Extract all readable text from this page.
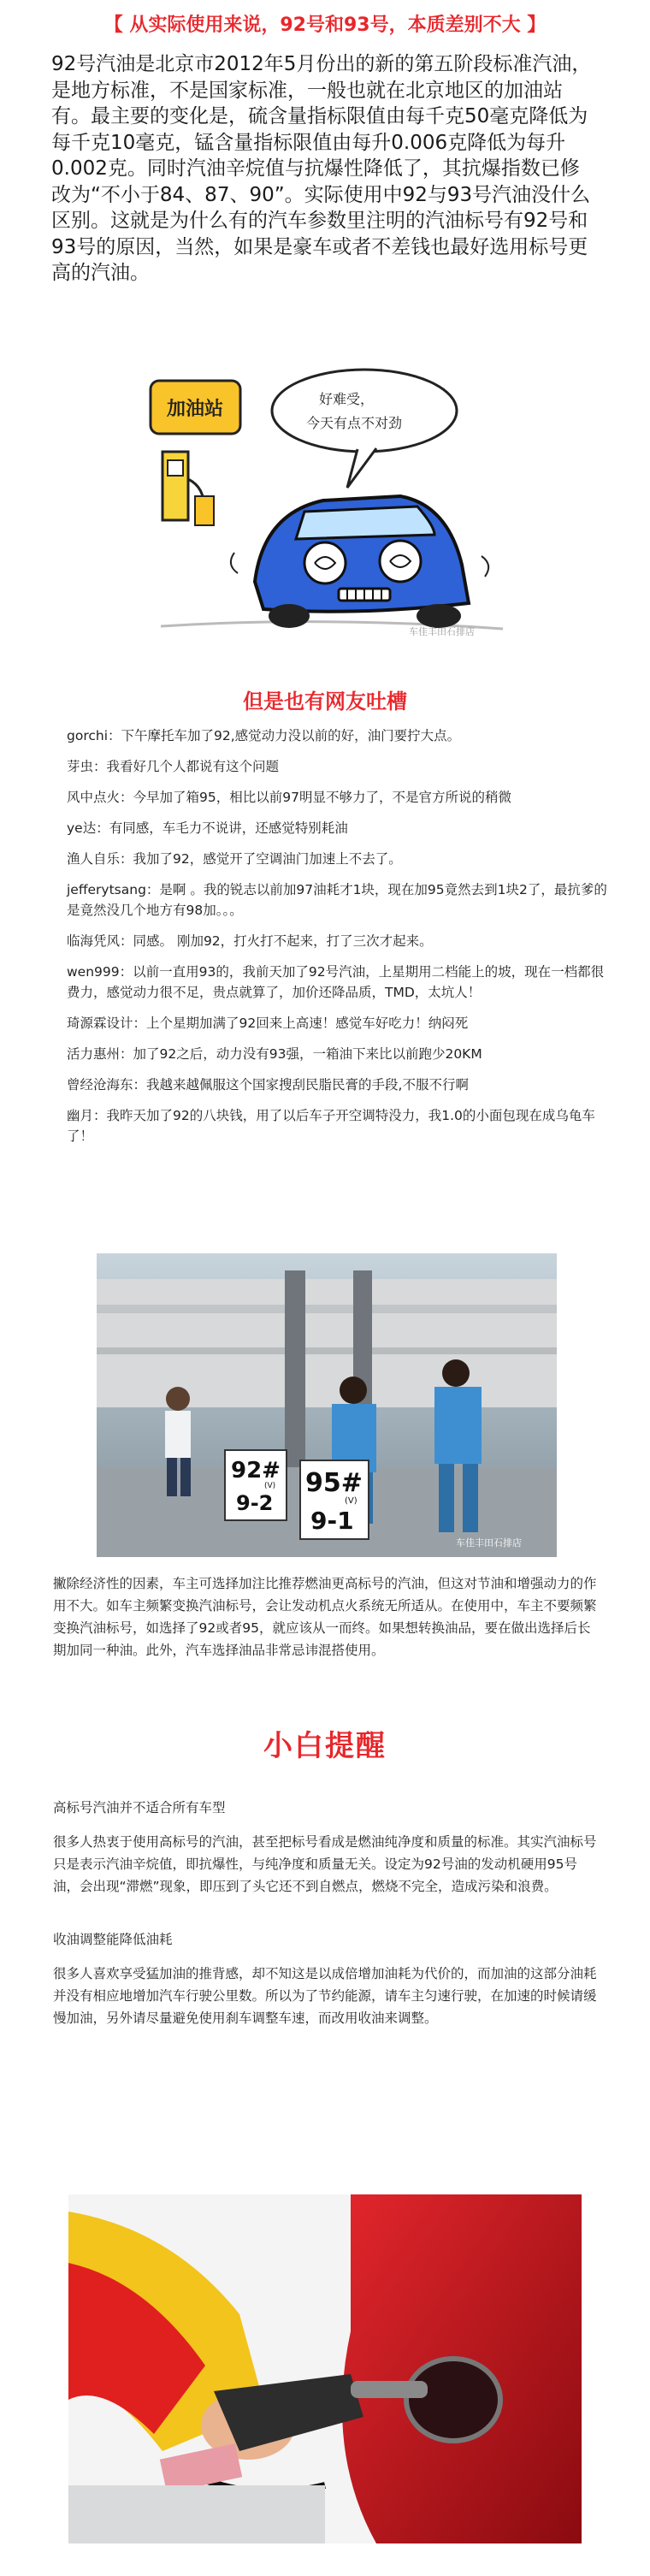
【 从实际使用来说，92号和93号，本质差别不大 】

92号汽油是北京市2012年5月份出的新的第五阶段标准汽油，是地方标准，不是国家标准，一般也就在北京地区的加油站有。最主要的变化是，硫含量指标限值由每千克50毫克降低为每千克10毫克，锰含量指标限值由每升0.006克降低为每升0.002克。同时汽油辛烷值与抗爆性降低了，其抗爆指数已修改为“不小于84、87、90”。实际使用中92与93号汽油没什么区别。这就是为什么有的汽车参数里注明的汽油标号有92号和93号的原因，当然，如果是豪车或者不差钱也最好选用标号更高的汽油。

加油站	好难受，
今天有点不对劲
车佳丰田石排店
但是也有网友吐槽
gorchi：下午摩托车加了92,感觉动力没以前的好，油门要拧大点。
芽虫：我看好几个人都说有这个问题
风中点火：今早加了箱95，相比以前97明显不够力了，不是官方所说的稍微
ye达：有同感，车毛力不说讲，还感觉特别耗油
渔人自乐：我加了92，感觉开了空调油门加速上不去了。
jefferytsang：是啊 。我的锐志以前加97油耗才1块，现在加95竟然去到1块2了，最抗爹的是竟然没几个地方有98加。。。
临海凭风：同感。 刚加92，打火打不起来，打了三次才起来。
wen999：以前一直用93的，我前天加了92号汽油，上星期用二档能上的坡，现在一档都很费力，感觉动力很不足，贵点就算了，加价还降品质，TMD，太坑人！
琦源霖设计：上个星期加满了92回来上高速！感觉车好吃力！纳闷死
活力惠州：加了92之后，动力没有93强，一箱油下来比以前跑少20KM
曾经沧海东：我越来越佩服这个国家搜刮民脂民膏的手段,不服不行啊
幽月：我昨天加了92的八块钱，用了以后车子开空调特没力，我1.0的小面包现在成乌龟车了！
92#
(V)
9-2
95#
(V)
9-1
车佳丰田石排店

撇除经济性的因素，车主可选择加注比推荐燃油更高标号的汽油，但这对节油和增强动力的作用不大。如车主频繁变换汽油标号，会让发动机点火系统无所适从。在使用中，车主不要频繁变换汽油标号，如选择了92或者95，就应该从一而终。如果想转换油品，要在做出选择后长期加同一种油。此外，汽车选择油品非常忌讳混搭使用。

小白提醒
高标号汽油并不适合所有车型
很多人热衷于使用高标号的汽油，甚至把标号看成是燃油纯净度和质量的标准。其实汽油标号只是表示汽油辛烷值，即抗爆性，与纯净度和质量无关。设定为92号油的发动机硬用95号油，会出现“滞燃”现象，即压到了头它还不到自燃点，燃烧不完全，造成污染和浪费。
收油调整能降低油耗
很多人喜欢享受猛加油的推背感，却不知这是以成倍增加油耗为代价的，而加油的这部分油耗并没有相应地增加汽车行驶公里数。所以为了节约能源，请车主匀速行驶，在加速的时候请缓慢加油，另外请尽量避免使用刹车调整车速，而改用收油来调整。
